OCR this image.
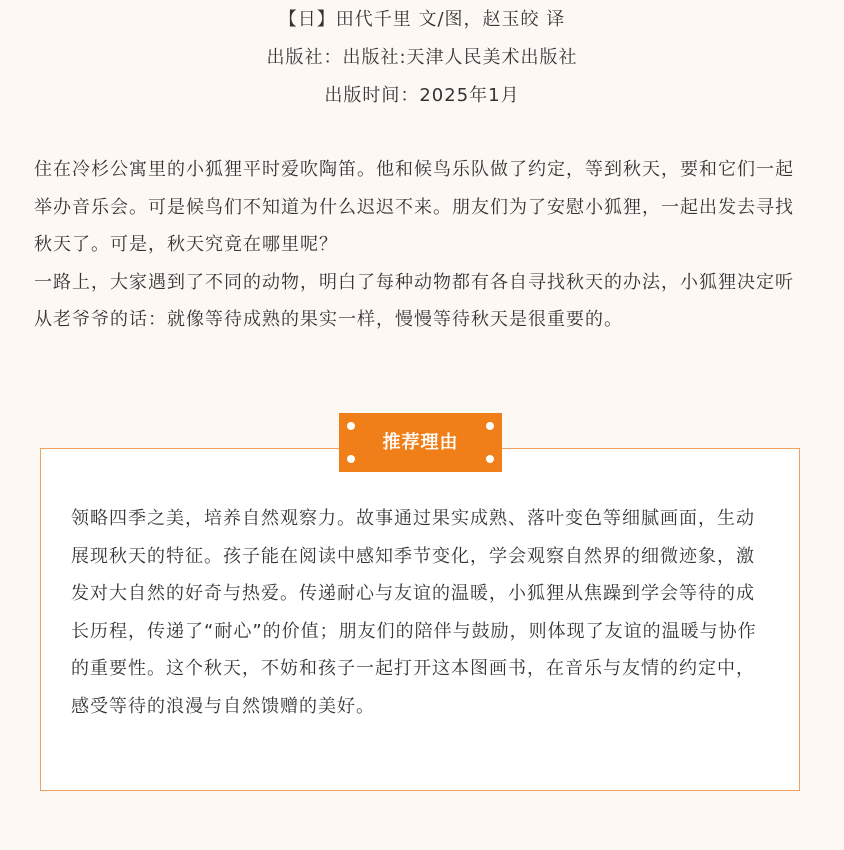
【日】田代千里 文/图，赵玉皎 译
出版社：出版社:天津人民美术出版社
出版时间：2025年1月

住在冷杉公寓里的小狐狸平时爱吹陶笛。他和候鸟乐队做了约定，等到秋天，要和它们一起举办音乐会。可是候鸟们不知道为什么迟迟不来。朋友们为了安慰小狐狸，一起出发去寻找秋天了。可是，秋天究竟在哪里呢？

一路上，大家遇到了不同的动物，明白了每种动物都有各自寻找秋天的办法，小狐狸决定听从老爷爷的话：就像等待成熟的果实一样，慢慢等待秋天是很重要的。

推荐理由

领略四季之美，培养自然观察力。故事通过果实成熟、落叶变色等细腻画面，生动展现秋天的特征。孩子能在阅读中感知季节变化，学会观察自然界的细微迹象，激发对大自然的好奇与热爱。传递耐心与友谊的温暖，小狐狸从焦躁到学会等待的成长历程，传递了“耐心”的价值；朋友们的陪伴与鼓励，则体现了友谊的温暖与协作的重要性。这个秋天，不妨和孩子一起打开这本图画书，在音乐与友情的约定中，感受等待的浪漫与自然馈赠的美好。
